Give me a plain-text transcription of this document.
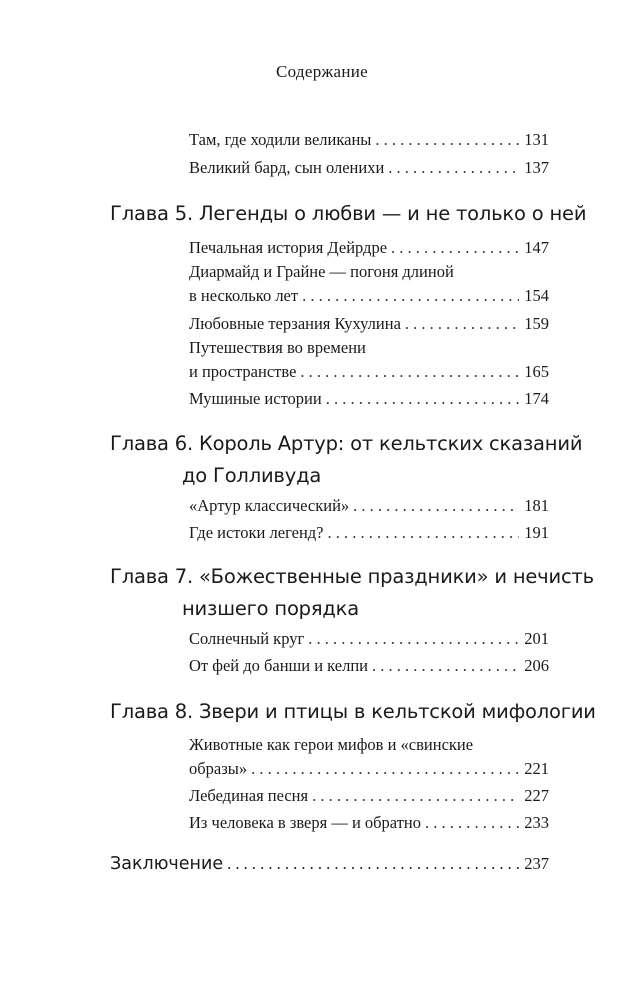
Содержание
Там, где ходили великаны . . .	131
Великий бард, сын оленихи . . .	137
Глава 5. Легенды о любви — и не только о ней
Печальная история Дейрдре . . .	147
Диармайд и Грайне — погоня длиной
в несколько лет . . .	154
Любовные терзания Кухулина . . .	159
Путешествия во времени
и пространстве . . .	165
Мушиные истории . . .	174
Глава 6. Король Артур: от кельтских сказаний
до Голливуда
«Артур классический» . . .	181
Где истоки легенд? . . .	191
Глава 7. «Божественные праздники» и нечисть
низшего порядка
Солнечный круг . . .	201
От фей до банши и келпи . . .	206
Глава 8. Звери и птицы в кельтской мифологии
Животные как герои мифов и «свинские
образы» . . .	221
Лебединая песня . . .	227
Из человека в зверя — и обратно . . .	233
Заключение . . .	237
